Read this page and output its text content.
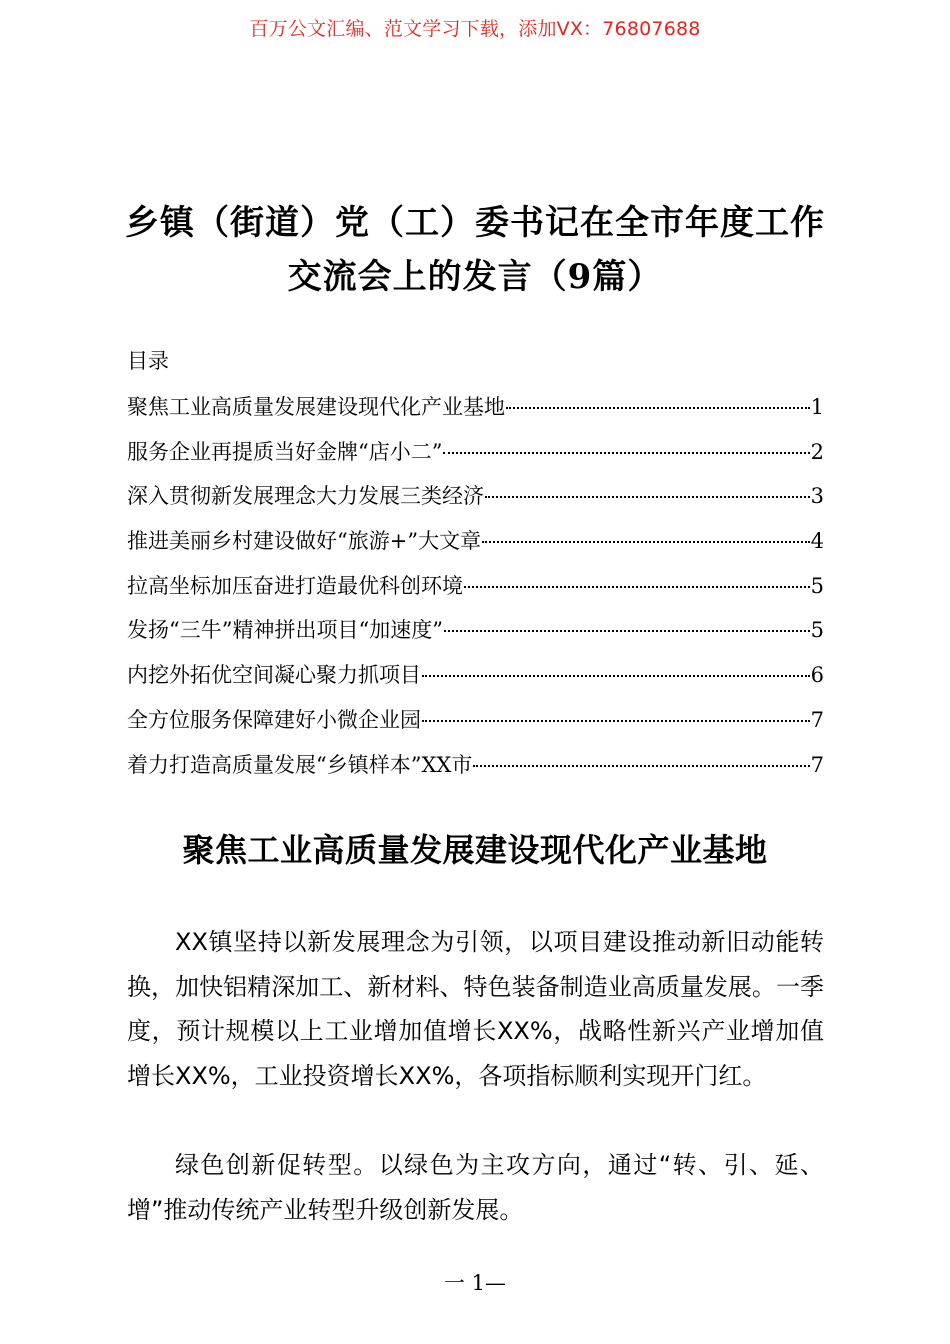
百万公文汇编、范文学习下载，添加VX：76807688
乡镇（街道）党（工）委书记在全市年度工作交流会上的发言（9篇）
目录
聚焦工业高质量发展建设现代化产业基地	1
服务企业再提质当好金牌“店小二”	2
深入贯彻新发展理念大力发展三类经济	3
推进美丽乡村建设做好“旅游+”大文章	4
拉高坐标加压奋进打造最优科创环境	5
发扬“三牛”精神拼出项目“加速度”	5
内挖外拓优空间凝心聚力抓项目	6
全方位服务保障建好小微企业园	7
着力打造高质量发展“乡镇样本”XX市	7
聚焦工业高质量发展建设现代化产业基地

XX镇坚持以新发展理念为引领，以项目建设推动新旧动能转换，加快铝精深加工、新材料、特色装备制造业高质量发展。一季度，预计规模以上工业增加值增长XX%，战略性新兴产业增加值增长XX%，工业投资增长XX%，各项指标顺利实现开门红。

绿色创新促转型。以绿色为主攻方向，通过“转、引、延、增”推动传统产业转型升级创新发展。

一 1—
